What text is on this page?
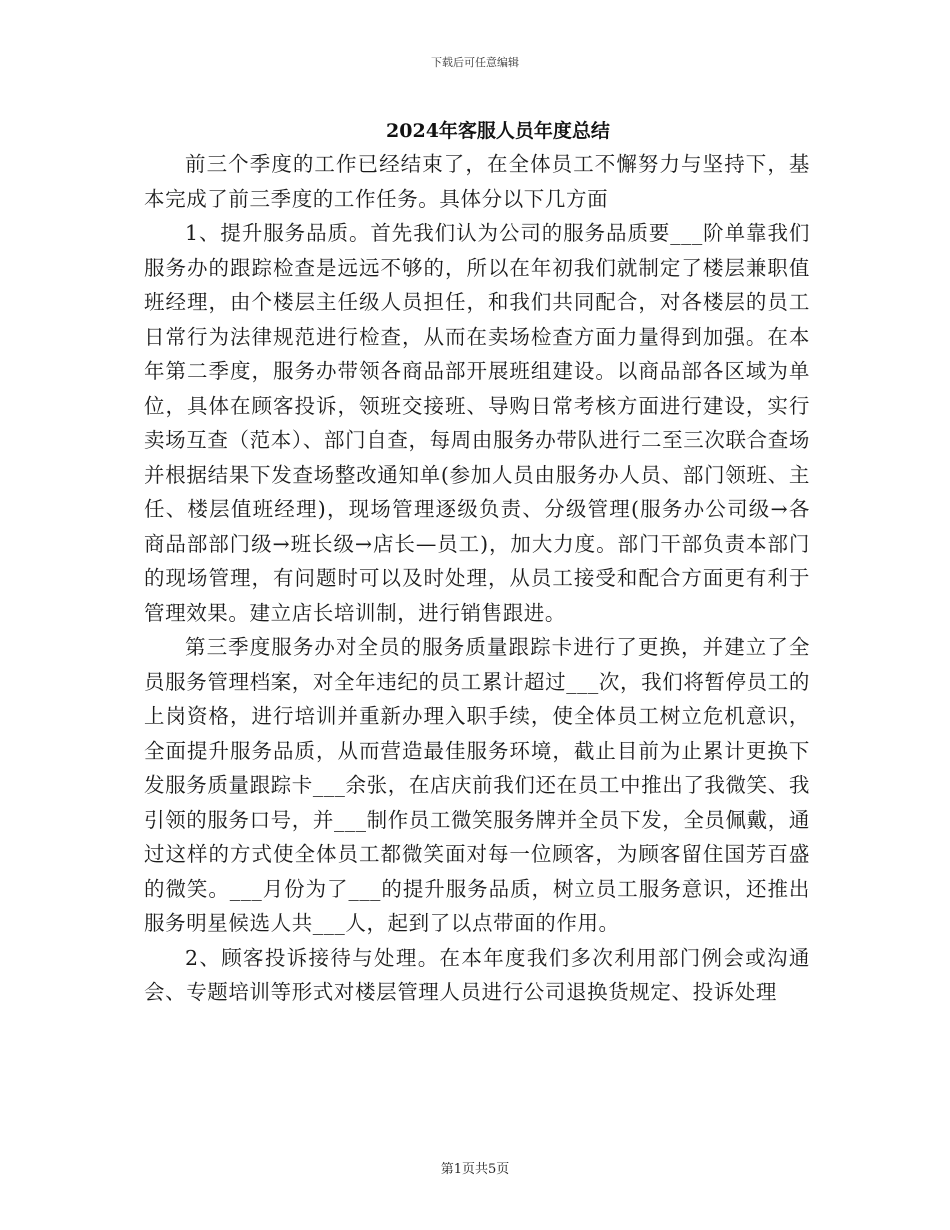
下载后可任意编辑
2024年客服人员年度总结

前三个季度的工作已经结束了，在全体员工不懈努力与坚持下，基本完成了前三季度的工作任务。具体分以下几方面

1、提升服务品质。首先我们认为公司的服务品质要___阶单靠我们服务办的跟踪检查是远远不够的，所以在年初我们就制定了楼层兼职值班经理，由个楼层主任级人员担任，和我们共同配合，对各楼层的员工日常行为法律规范进行检查，从而在卖场检查方面力量得到加强。在本年第二季度，服务办带领各商品部开展班组建设。以商品部各区域为单位，具体在顾客投诉，领班交接班、导购日常考核方面进行建设，实行卖场互查（范本）、部门自查，每周由服务办带队进行二至三次联合查场并根据结果下发查场整改通知单(参加人员由服务办人员、部门领班、主任、楼层值班经理)，现场管理逐级负责、分级管理(服务办公司级→各商品部部门级→班长级→店长—员工)，加大力度。部门干部负责本部门的现场管理，有问题时可以及时处理，从员工接受和配合方面更有利于管理效果。建立店长培训制，进行销售跟进。

第三季度服务办对全员的服务质量跟踪卡进行了更换，并建立了全员服务管理档案，对全年违纪的员工累计超过___次，我们将暂停员工的上岗资格，进行培训并重新办理入职手续，使全体员工树立危机意识，全面提升服务品质，从而营造最佳服务环境，截止目前为止累计更换下发服务质量跟踪卡___余张，在店庆前我们还在员工中推出了我微笑、我引领的服务口号，并___制作员工微笑服务牌并全员下发，全员佩戴，通过这样的方式使全体员工都微笑面对每一位顾客，为顾客留住国芳百盛的微笑。___月份为了___的提升服务品质，树立员工服务意识，还推出服务明星候选人共___人，起到了以点带面的作用。

2、顾客投诉接待与处理。在本年度我们多次利用部门例会或沟通会、专题培训等形式对楼层管理人员进行公司退换货规定、投诉处理

第1页共5页
